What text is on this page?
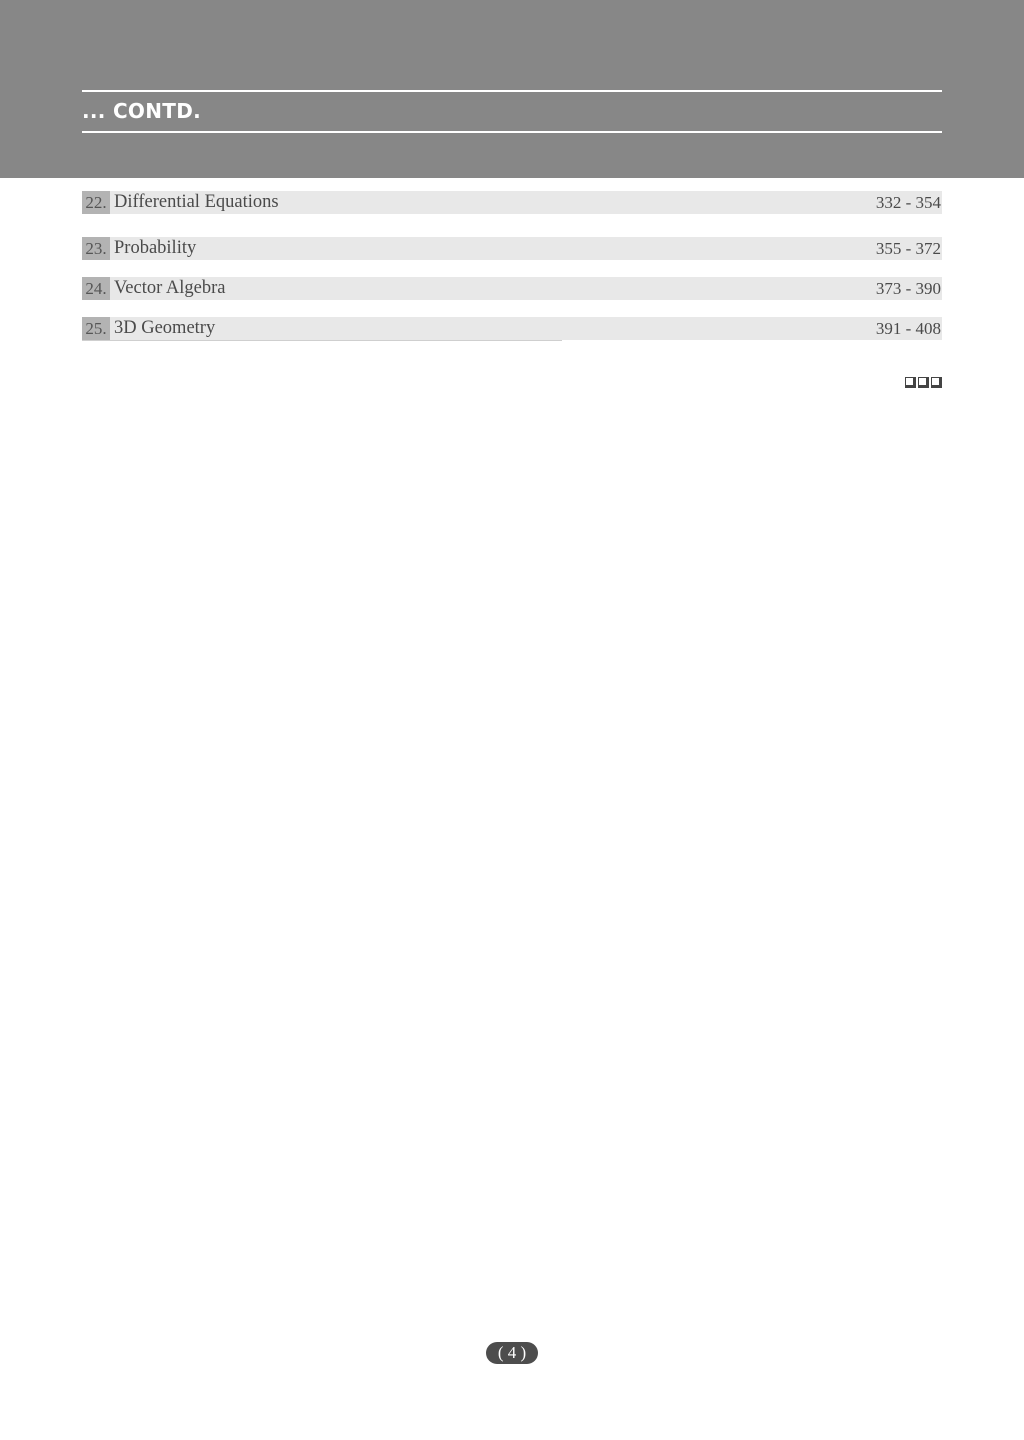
... CONTD.
22. Differential Equations	332 - 354
23. Probability	355 - 372
24. Vector Algebra	373 - 390
25. 3D Geometry	391 - 408
( 4 )
